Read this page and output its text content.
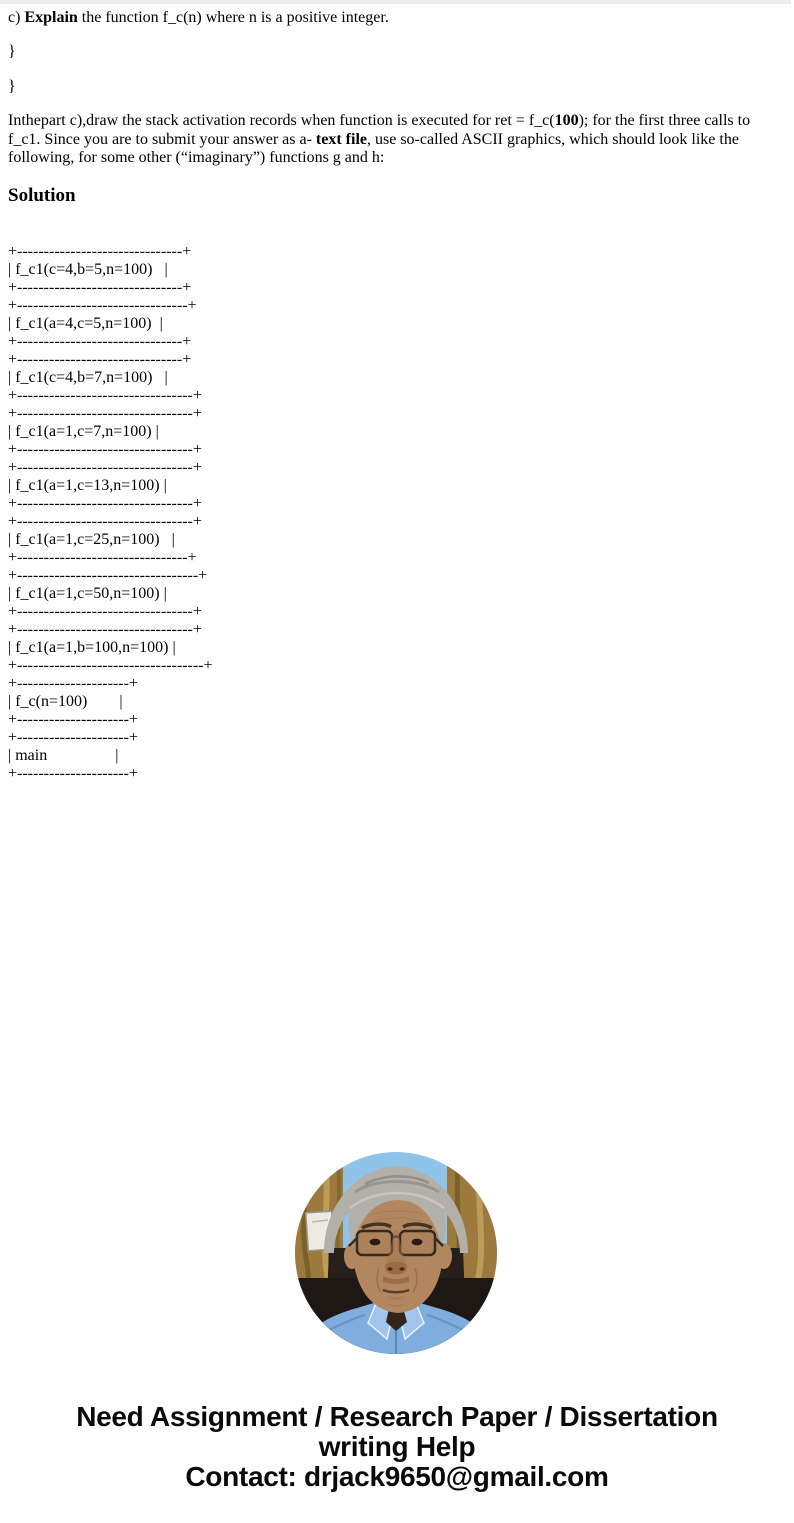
c) Explain the function f_c(n) where n is a positive integer.

}

}

Inthepart c),draw the stack activation records when function is executed for ret = f_c(100); for the first three calls to f_c1. Since you are to submit your answer as a- text file, use so-called ASCII graphics, which should look like the following, for some other (“imaginary”) functions g and h:

Solution
+-------------------------------+
| f_c1(c=4,b=5,n=100)   |
+-------------------------------+
+--------------------------------+
| f_c1(a=4,c=5,n=100)  |
+-------------------------------+
+-------------------------------+
| f_c1(c=4,b=7,n=100)   |
+---------------------------------+
+---------------------------------+
| f_c1(a=1,c=7,n=100) |
+---------------------------------+
+---------------------------------+
| f_c1(a=1,c=13,n=100) |
+---------------------------------+
+---------------------------------+
| f_c1(a=1,c=25,n=100)   |
+--------------------------------+
+----------------------------------+
| f_c1(a=1,c=50,n=100) |
+---------------------------------+
+---------------------------------+
| f_c1(a=1,b=100,n=100) |
+-----------------------------------+
+---------------------+
| f_c(n=100)        |
+---------------------+
+---------------------+
| main                 |
+---------------------+
Need Assignment / Research Paper / Dissertation
writing Help
Contact: drjack9650@gmail.com
